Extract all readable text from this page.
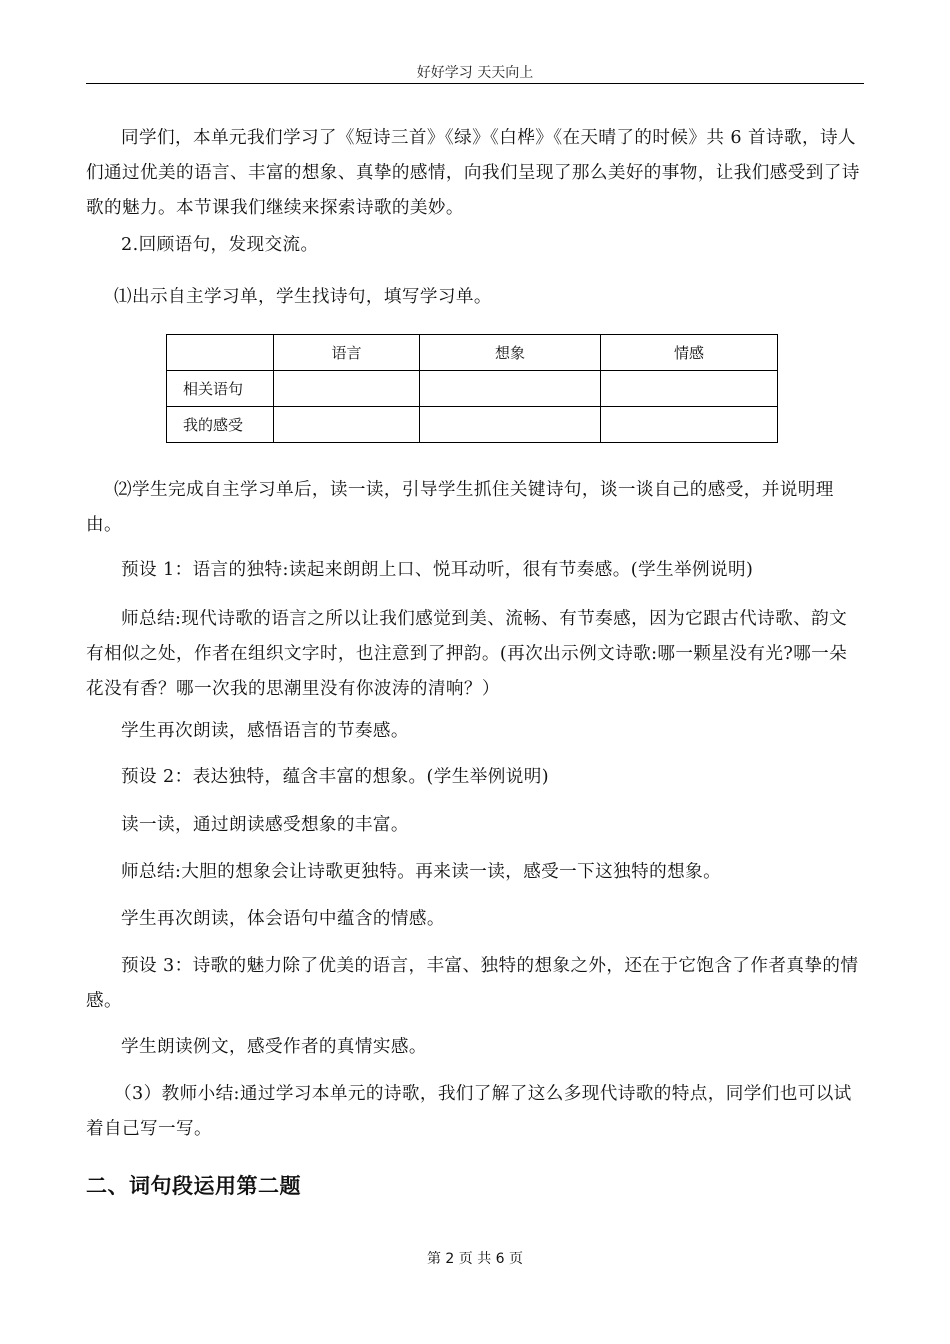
好好学习 天天向上

同学们，本单元我们学习了《短诗三首》《绿》《白桦》《在天晴了的时候》共 6 首诗歌，诗人们通过优美的语言、丰富的想象、真挚的感情，向我们呈现了那么美好的事物，让我们感受到了诗歌的魅力。本节课我们继续来探索诗歌的美妙。

2.回顾语句，发现交流。

⑴出示自主学习单，学生找诗句，填写学习单。

	语言	想象	情感
相关语句			
我的感受			

⑵学生完成自主学习单后，读一读，引导学生抓住关键诗句，谈一谈自己的感受，并说明理由。

预设 1：语言的独特:读起来朗朗上口、悦耳动听，很有节奏感。(学生举例说明)

师总结:现代诗歌的语言之所以让我们感觉到美、流畅、有节奏感，因为它跟古代诗歌、韵文有相似之处，作者在组织文字时，也注意到了押韵。(再次出示例文诗歌:哪一颗星没有光?哪一朵花没有香？哪一次我的思潮里没有你波涛的清响？）

学生再次朗读，感悟语言的节奏感。

预设 2：表达独特，蕴含丰富的想象。(学生举例说明)

读一读，通过朗读感受想象的丰富。

师总结:大胆的想象会让诗歌更独特。再来读一读，感受一下这独特的想象。

学生再次朗读，体会语句中蕴含的情感。

预设 3：诗歌的魅力除了优美的语言，丰富、独特的想象之外，还在于它饱含了作者真挚的情感。

学生朗读例文，感受作者的真情实感。

（3）教师小结:通过学习本单元的诗歌，我们了解了这么多现代诗歌的特点，同学们也可以试着自己写一写。

二、词句段运用第二题
第 2 页 共 6 页
